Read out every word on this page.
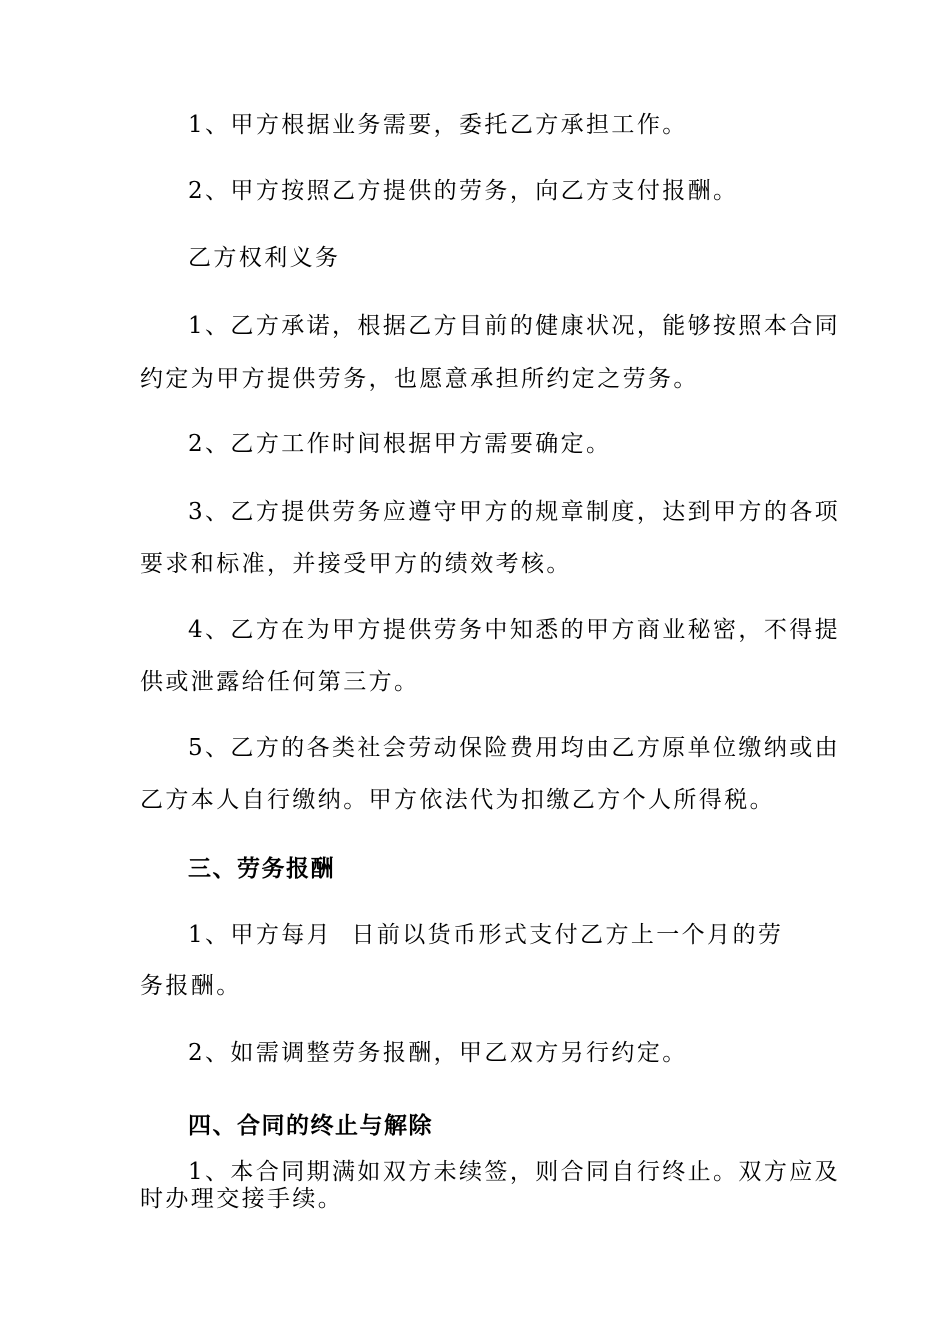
1、甲方根据业务需要，委托乙方承担工作。
2、甲方按照乙方提供的劳务，向乙方支付报酬。
乙方权利义务
1、乙方承诺，根据乙方目前的健康状况，能够按照本合同
约定为甲方提供劳务，也愿意承担所约定之劳务。
2、乙方工作时间根据甲方需要确定。
3、乙方提供劳务应遵守甲方的规章制度，达到甲方的各项
要求和标准，并接受甲方的绩效考核。
4、乙方在为甲方提供劳务中知悉的甲方商业秘密，不得提
供或泄露给任何第三方。
5、乙方的各类社会劳动保险费用均由乙方原单位缴纳或由
乙方本人自行缴纳。甲方依法代为扣缴乙方个人所得税。
三、劳务报酬
1、甲方每月  日前以货币形式支付乙方上一个月的劳
务报酬。
2、如需调整劳务报酬，甲乙双方另行约定。
四、合同的终止与解除
1、本合同期满如双方未续签，则合同自行终止。双方应及
时办理交接手续。
